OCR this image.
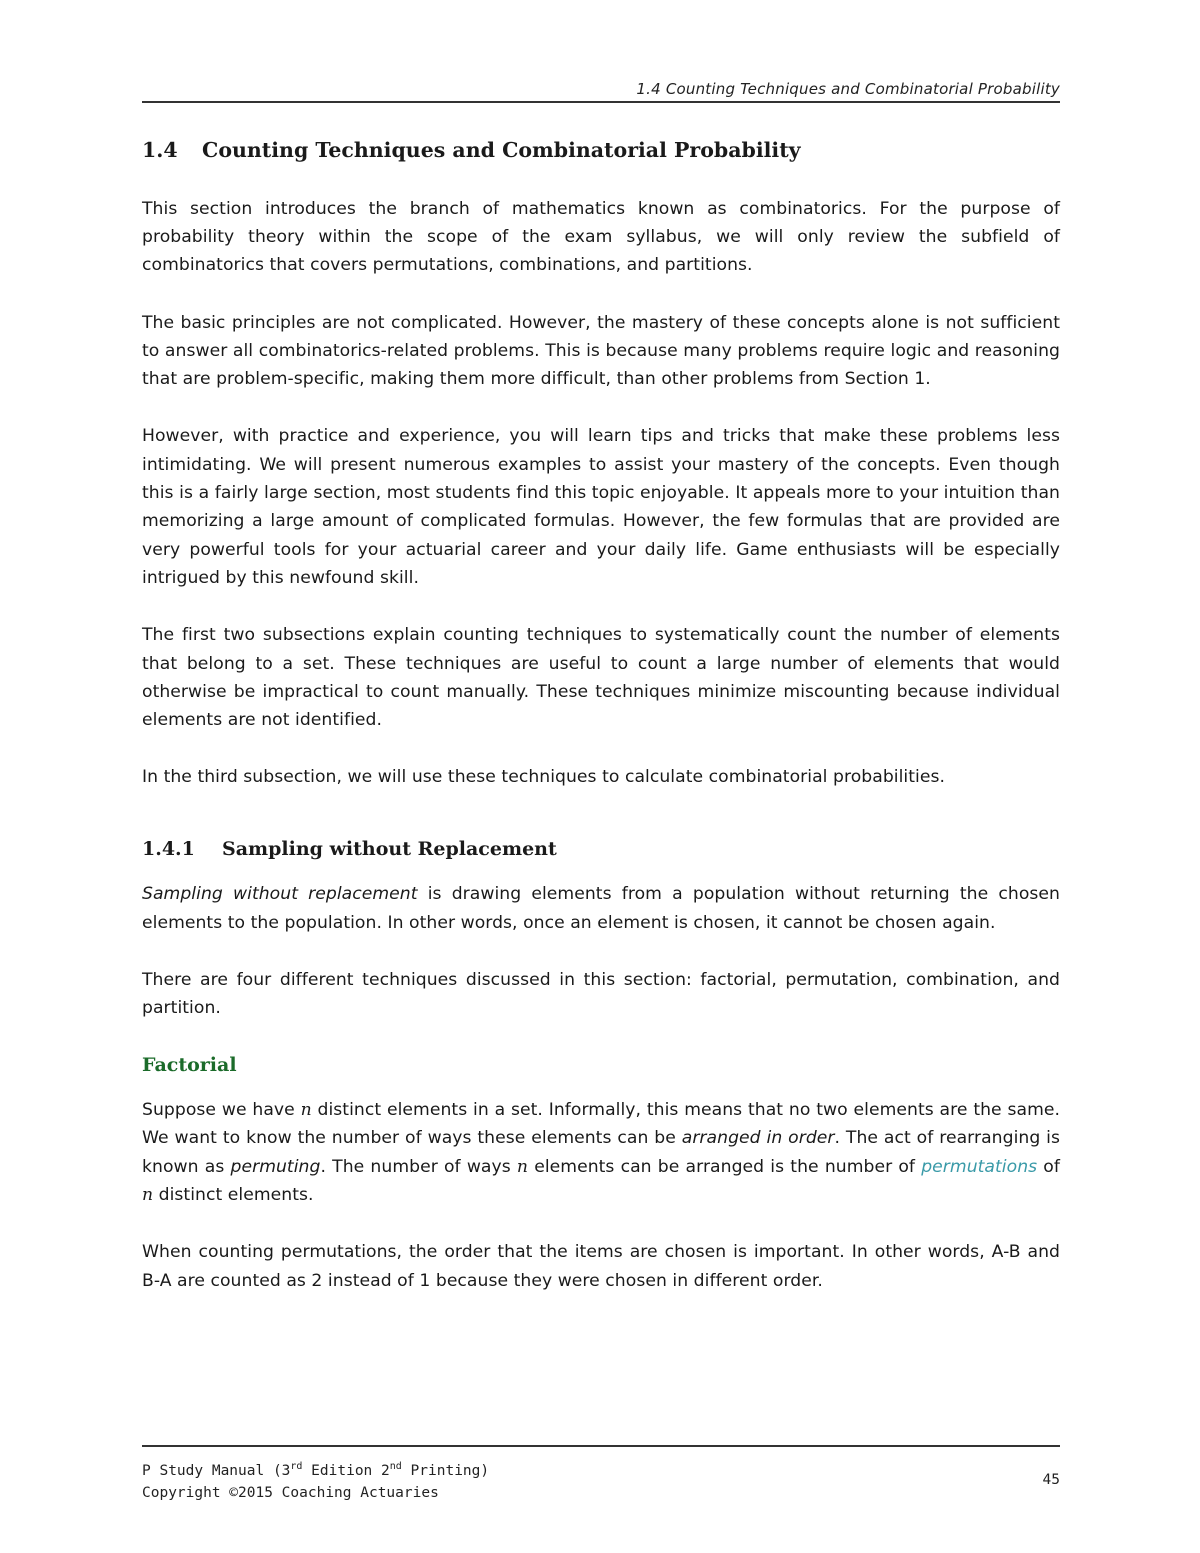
1.4 Counting Techniques and Combinatorial Probability
1.4 Counting Techniques and Combinatorial Probability

This section introduces the branch of mathematics known as combinatorics. For the purpose of probability theory within the scope of the exam syllabus, we will only review the subfield of combinatorics that covers permutations, combinations, and partitions.

The basic principles are not complicated. However, the mastery of these concepts alone is not sufficient to answer all combinatorics-related problems. This is because many problems require logic and reasoning that are problem-specific, making them more difficult, than other problems from Section 1.

However, with practice and experience, you will learn tips and tricks that make these problems less intimidating. We will present numerous examples to assist your mastery of the concepts. Even though this is a fairly large section, most students find this topic enjoyable. It appeals more to your intuition than memorizing a large amount of complicated formulas. However, the few formulas that are provided are very powerful tools for your actuarial career and your daily life. Game enthusiasts will be especially intrigued by this newfound skill.

The first two subsections explain counting techniques to systematically count the number of elements that belong to a set. These techniques are useful to count a large number of elements that would otherwise be impractical to count manually. These techniques minimize miscounting because individual elements are not identified.

In the third subsection, we will use these techniques to calculate combinatorial probabilities.

1.4.1 Sampling without Replacement

Sampling without replacement is drawing elements from a population without returning the chosen elements to the population. In other words, once an element is chosen, it cannot be chosen again.

There are four different techniques discussed in this section: factorial, permutation, combination, and partition.

Factorial

Suppose we have n distinct elements in a set. Informally, this means that no two elements are the same. We want to know the number of ways these elements can be arranged in order. The act of rearranging is known as permuting. The number of ways n elements can be arranged is the number of permutations of n distinct elements.

When counting permutations, the order that the items are chosen is important. In other words, A-B and B-A are counted as 2 instead of 1 because they were chosen in different order.

P Study Manual (3rd Edition 2nd Printing)
Copyright ©2015 Coaching Actuaries
45
